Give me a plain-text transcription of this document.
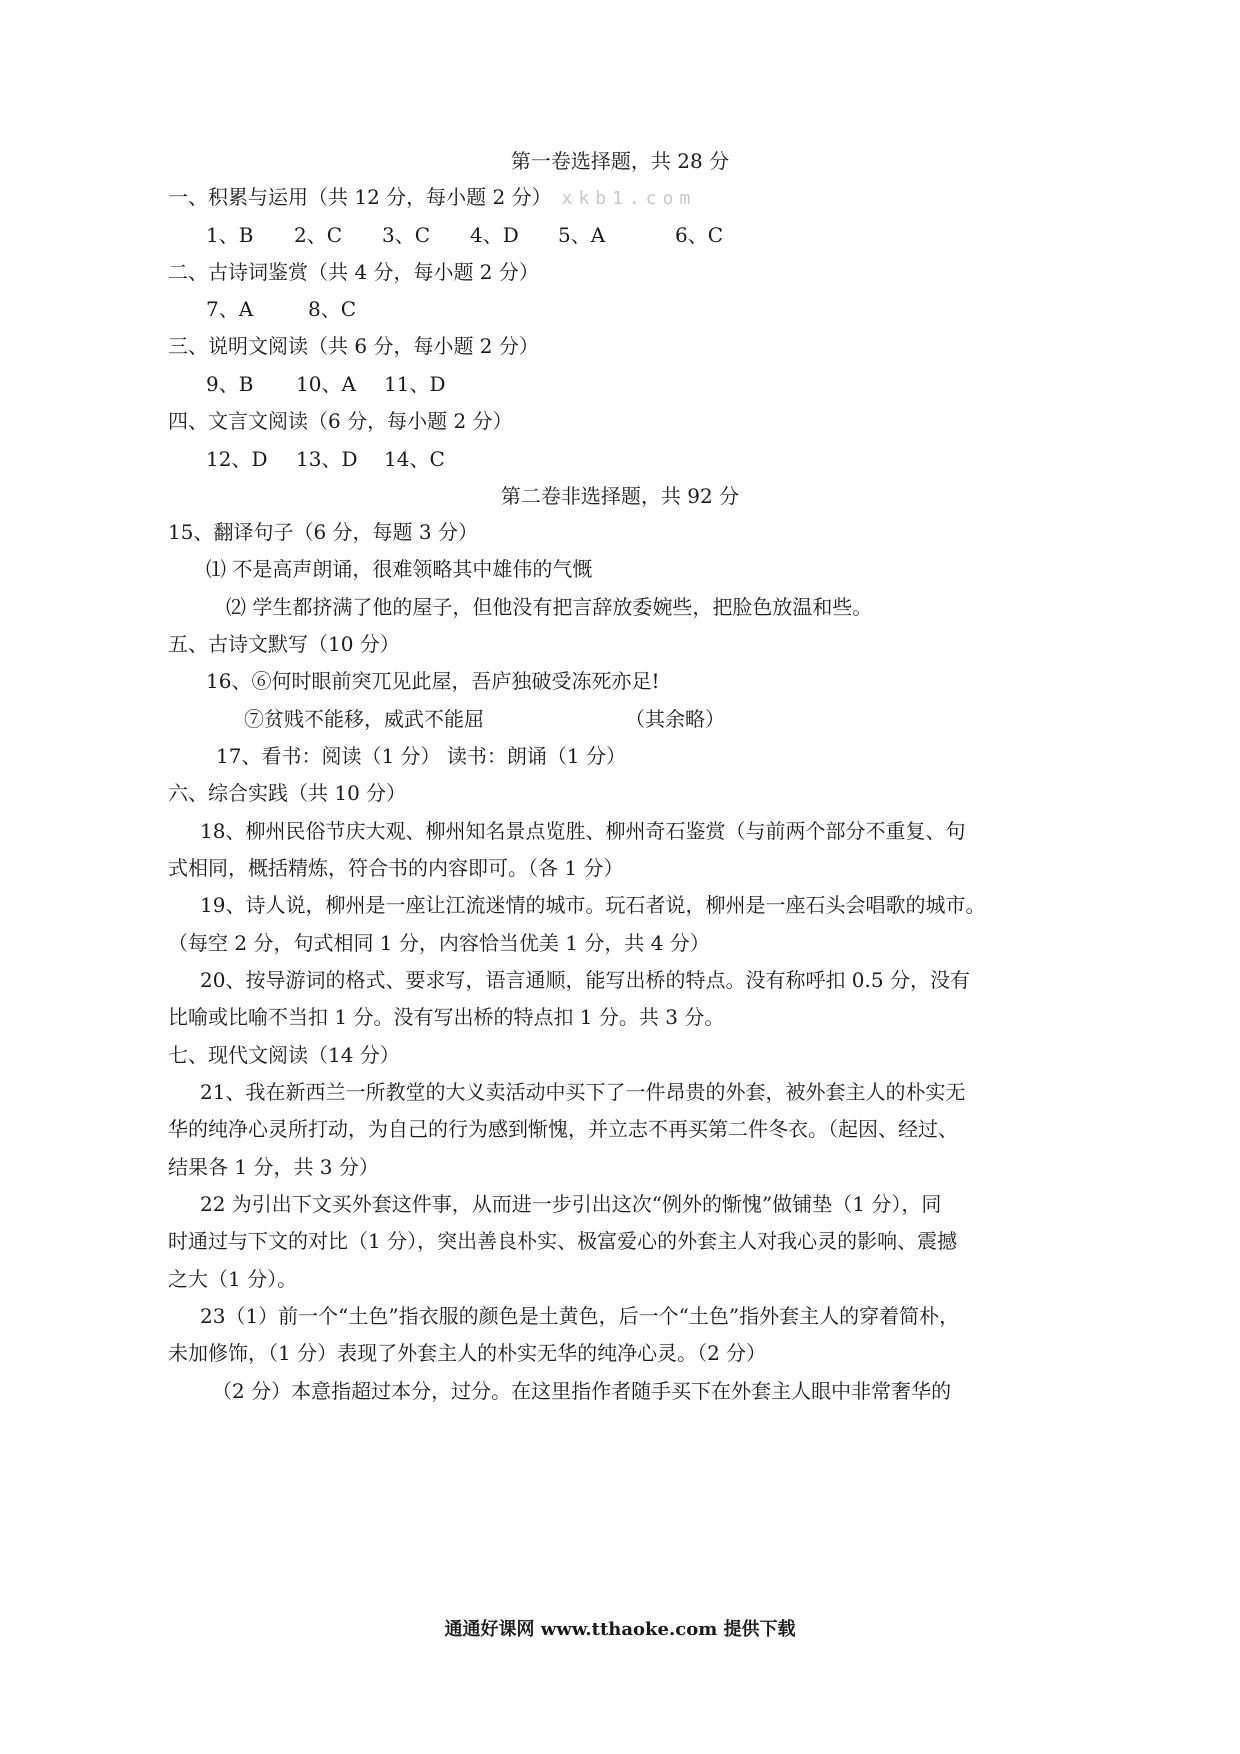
第一卷选择题，共 28 分
一、积累与运用（共 12 分，每小题 2 分） xkb1.com
1、B 2、C 3、C 4、D 5、A	6、C
二、古诗词鉴赏（共 4 分，每小题 2 分）
7、A	8、C
三、说明文阅读（共 6 分，每小题 2 分）
9、B 10、A 11、D
四、文言文阅读（6 分，每小题 2 分）
12、D 13、D 14、C
第二卷非选择题，共 92 分
15、翻译句子（6 分，每题 3 分）
⑴ 不是高声朗诵，很难领略其中雄伟的气慨
⑵ 学生都挤满了他的屋子，但他没有把言辞放委婉些，把脸色放温和些。
五、古诗文默写（10 分）
16、⑥何时眼前突兀见此屋，吾庐独破受冻死亦足!
⑦贫贱不能移，威武不能屈	（其余略）
17、看书：阅读（1 分） 读书：朗诵（1 分）
六、综合实践（共 10 分）
18、柳州民俗节庆大观、柳州知名景点览胜、柳州奇石鉴赏（与前两个部分不重复、句
式相同，概括精炼，符合书的内容即可。（各 1 分）
19、诗人说，柳州是一座让江流迷情的城市。玩石者说，柳州是一座石头会唱歌的城市。
（每空 2 分，句式相同 1 分，内容恰当优美 1 分，共 4 分）
20、按导游词的格式、要求写，语言通顺，能写出桥的特点。没有称呼扣 0.5 分，没有
比喻或比喻不当扣 1 分。没有写出桥的特点扣 1 分。共 3 分。
七、现代文阅读（14 分）
21、我在新西兰一所教堂的大义卖活动中买下了一件昂贵的外套，被外套主人的朴实无
华的纯净心灵所打动，为自己的行为感到惭愧，并立志不再买第二件冬衣。（起因、经过、
结果各 1 分，共 3 分）
22 为引出下文买外套这件事，从而进一步引出这次“例外的惭愧”做铺垫（1 分），同
时通过与下文的对比（1 分），突出善良朴实、极富爱心的外套主人对我心灵的影响、震撼
之大（1 分）。
23（1）前一个“土色”指衣服的颜色是土黄色，后一个“土色”指外套主人的穿着简朴，
未加修饰，（1 分）表现了外套主人的朴实无华的纯净心灵。（2 分）
（2 分）本意指超过本分，过分。在这里指作者随手买下在外套主人眼中非常奢华的
通通好课网 www.tthaoke.com 提供下载
